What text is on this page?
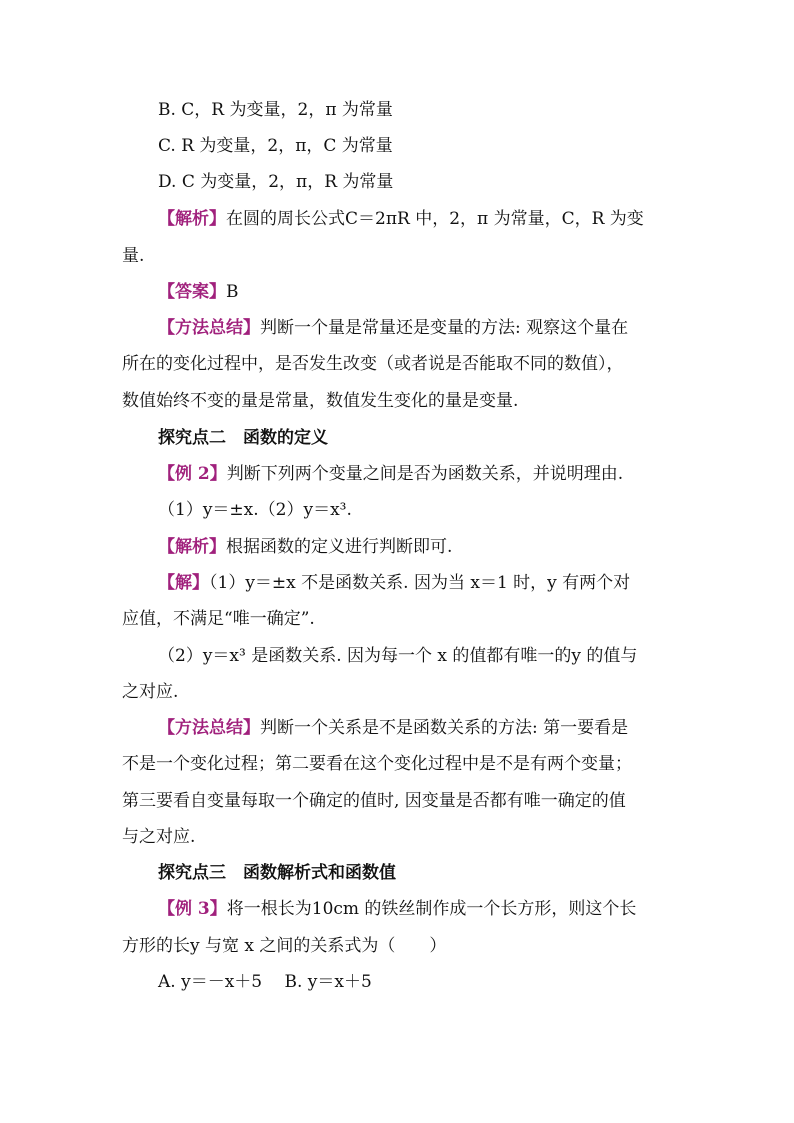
B. C，R 为变量，2，π 为常量

C. R 为变量，2，π，C 为常量

D. C 为变量，2，π，R 为常量

【解析】在圆的周长公式C＝2πR 中，2，π 为常量，C，R 为变

量.

【答案】B

【方法总结】判断一个量是常量还是变量的方法: 观察这个量在

所在的变化过程中，是否发生改变（或者说是否能取不同的数值），

数值始终不变的量是常量，数值发生变化的量是变量.

探究点二　函数的定义

【例 2】判断下列两个变量之间是否为函数关系，并说明理由.

（1）y＝±x.（2）y＝x³.

【解析】根据函数的定义进行判断即可.

【解】（1）y＝±x 不是函数关系. 因为当 x＝1 时，y 有两个对

应值，不满足“唯一确定”.

（2）y＝x³ 是函数关系. 因为每一个 x 的值都有唯一的y 的值与

之对应.

【方法总结】判断一个关系是不是函数关系的方法: 第一要看是

不是一个变化过程；第二要看在这个变化过程中是不是有两个变量；

第三要看自变量每取一个确定的值时, 因变量是否都有唯一确定的值

与之对应.

探究点三　函数解析式和函数值

【例 3】将一根长为10cm 的铁丝制作成一个长方形，则这个长

方形的长y 与宽 x 之间的关系式为（　　）

A. y＝－x＋5　 B. y＝x＋5
